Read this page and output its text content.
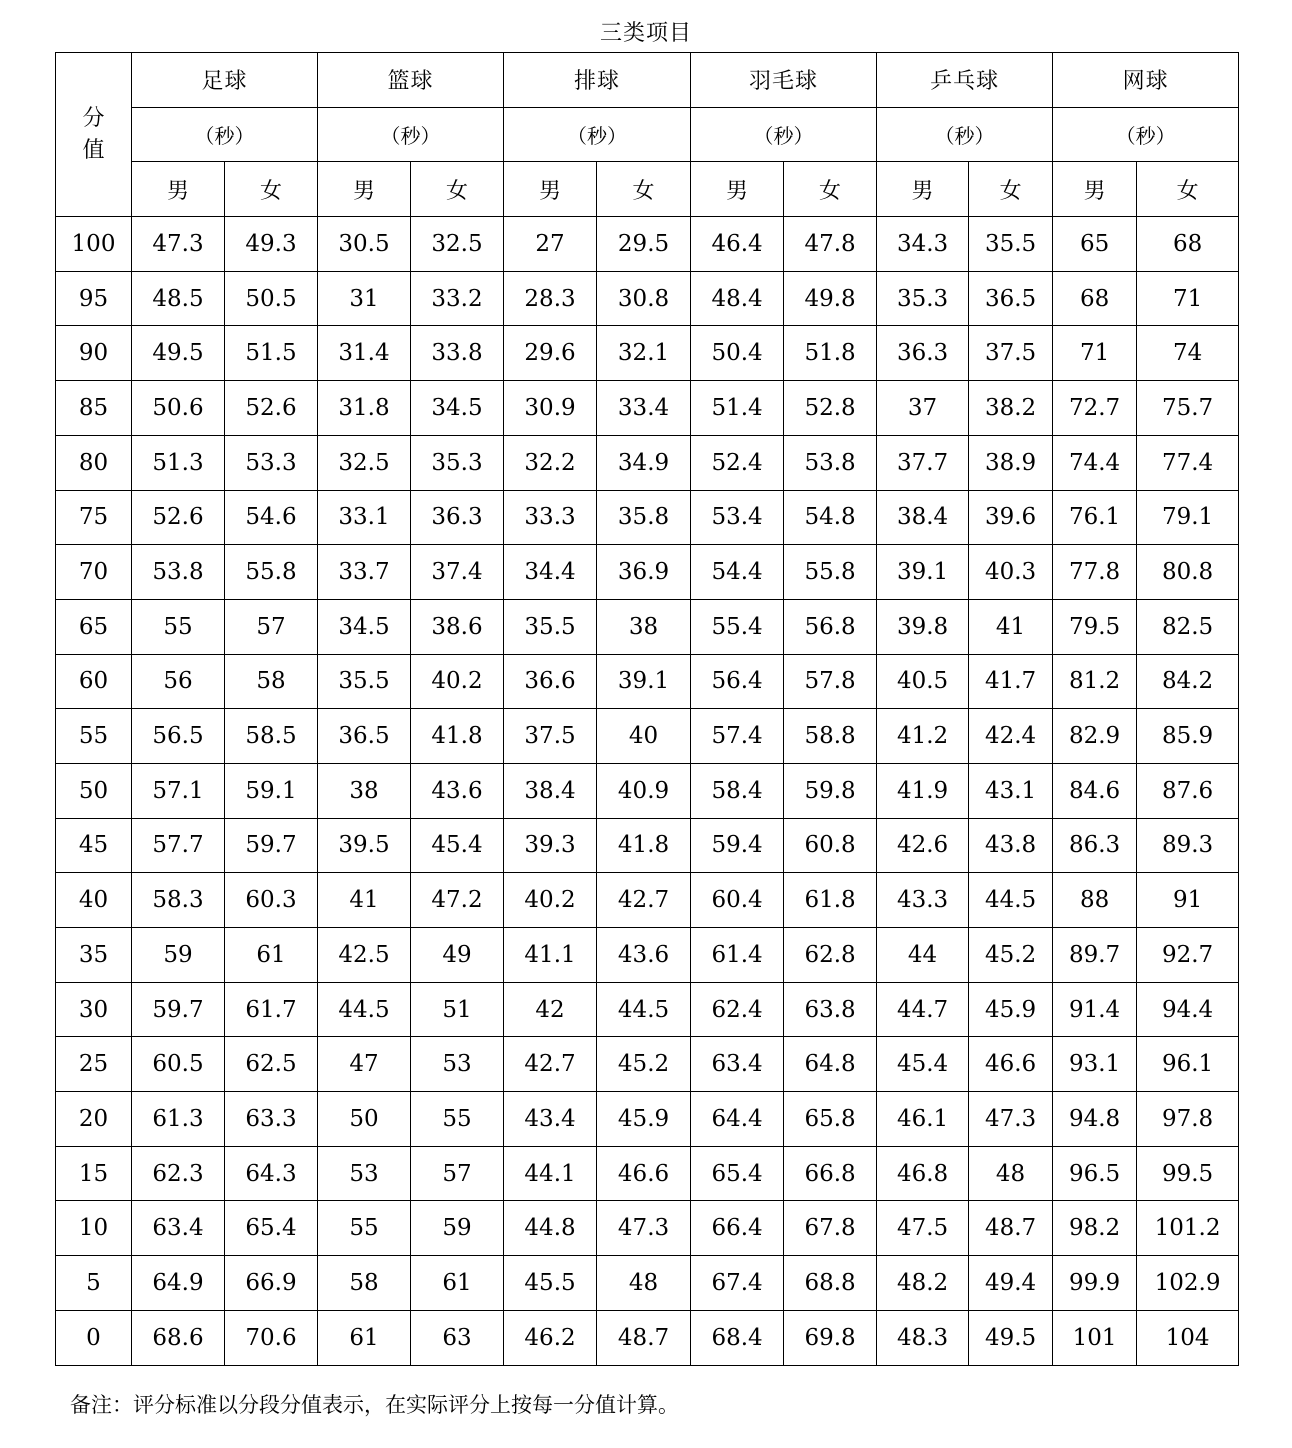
三类项目
分
值	足球		篮球		排球		羽毛球		乒乓球		网球	
	（秒）		（秒）		（秒）		（秒）		（秒）		（秒）	
	男	女	男	女	男	女	男	女	男	女	男	女
100	47.3	49.3	30.5	32.5	27	29.5	46.4	47.8	34.3	35.5	65	68
95	48.5	50.5	31	33.2	28.3	30.8	48.4	49.8	35.3	36.5	68	71
90	49.5	51.5	31.4	33.8	29.6	32.1	50.4	51.8	36.3	37.5	71	74
85	50.6	52.6	31.8	34.5	30.9	33.4	51.4	52.8	37	38.2	72.7	75.7
80	51.3	53.3	32.5	35.3	32.2	34.9	52.4	53.8	37.7	38.9	74.4	77.4
75	52.6	54.6	33.1	36.3	33.3	35.8	53.4	54.8	38.4	39.6	76.1	79.1
70	53.8	55.8	33.7	37.4	34.4	36.9	54.4	55.8	39.1	40.3	77.8	80.8
65	55	57	34.5	38.6	35.5	38	55.4	56.8	39.8	41	79.5	82.5
60	56	58	35.5	40.2	36.6	39.1	56.4	57.8	40.5	41.7	81.2	84.2
55	56.5	58.5	36.5	41.8	37.5	40	57.4	58.8	41.2	42.4	82.9	85.9
50	57.1	59.1	38	43.6	38.4	40.9	58.4	59.8	41.9	43.1	84.6	87.6
45	57.7	59.7	39.5	45.4	39.3	41.8	59.4	60.8	42.6	43.8	86.3	89.3
40	58.3	60.3	41	47.2	40.2	42.7	60.4	61.8	43.3	44.5	88	91
35	59	61	42.5	49	41.1	43.6	61.4	62.8	44	45.2	89.7	92.7
30	59.7	61.7	44.5	51	42	44.5	62.4	63.8	44.7	45.9	91.4	94.4
25	60.5	62.5	47	53	42.7	45.2	63.4	64.8	45.4	46.6	93.1	96.1
20	61.3	63.3	50	55	43.4	45.9	64.4	65.8	46.1	47.3	94.8	97.8
15	62.3	64.3	53	57	44.1	46.6	65.4	66.8	46.8	48	96.5	99.5
10	63.4	65.4	55	59	44.8	47.3	66.4	67.8	47.5	48.7	98.2	101.2
5	64.9	66.9	58	61	45.5	48	67.4	68.8	48.2	49.4	99.9	102.9
0	68.6	70.6	61	63	46.2	48.7	68.4	69.8	48.3	49.5	101	104
备注：评分标准以分段分值表示，在实际评分上按每一分值计算。
